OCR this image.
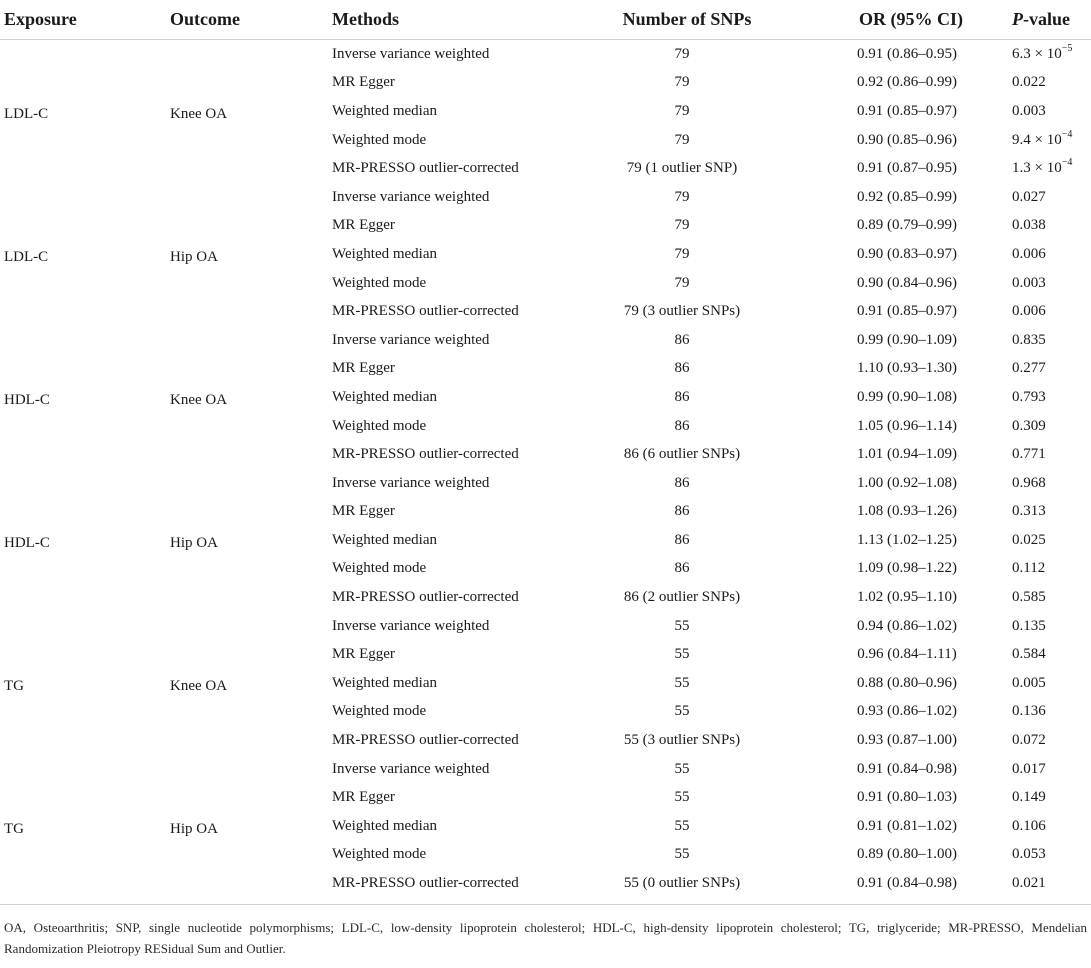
Exposure	Outcome	Methods	Number of SNPs	OR (95% CI)	P-value
LDL-C	Knee OA	Inverse variance weighted	79	0.91 (0.86–0.95)	$6.3 \times 10^{-5}$
		MR Egger	79	0.92 (0.86–0.99)	0.022
		Weighted median	79	0.91 (0.85–0.97)	0.003
		Weighted mode	79	0.90 (0.85–0.96)	$9.4 \times 10^{-4}$
		MR-PRESSO outlier-corrected	79 (1 outlier SNP)	0.91 (0.87–0.95)	$1.3 \times 10^{-4}$
LDL-C	Hip OA	Inverse variance weighted	79	0.92 (0.85–0.99)	0.027
		MR Egger	79	0.89 (0.79–0.99)	0.038
		Weighted median	79	0.90 (0.83–0.97)	0.006
		Weighted mode	79	0.90 (0.84–0.96)	0.003
		MR-PRESSO outlier-corrected	79 (3 outlier SNPs)	0.91 (0.85–0.97)	0.006
HDL-C	Knee OA	Inverse variance weighted	86	0.99 (0.90–1.09)	0.835
		MR Egger	86	1.10 (0.93–1.30)	0.277
		Weighted median	86	0.99 (0.90–1.08)	0.793
		Weighted mode	86	1.05 (0.96–1.14)	0.309
		MR-PRESSO outlier-corrected	86 (6 outlier SNPs)	1.01 (0.94–1.09)	0.771
HDL-C	Hip OA	Inverse variance weighted	86	1.00 (0.92–1.08)	0.968
		MR Egger	86	1.08 (0.93–1.26)	0.313
		Weighted median	86	1.13 (1.02–1.25)	0.025
		Weighted mode	86	1.09 (0.98–1.22)	0.112
		MR-PRESSO outlier-corrected	86 (2 outlier SNPs)	1.02 (0.95–1.10)	0.585
TG	Knee OA	Inverse variance weighted	55	0.94 (0.86–1.02)	0.135
		MR Egger	55	0.96 (0.84–1.11)	0.584
		Weighted median	55	0.88 (0.80–0.96)	0.005
		Weighted mode	55	0.93 (0.86–1.02)	0.136
		MR-PRESSO outlier-corrected	55 (3 outlier SNPs)	0.93 (0.87–1.00)	0.072
TG	Hip OA	Inverse variance weighted	55	0.91 (0.84–0.98)	0.017
		MR Egger	55	0.91 (0.80–1.03)	0.149
		Weighted median	55	0.91 (0.81–1.02)	0.106
		Weighted mode	55	0.89 (0.80–1.00)	0.053
		MR-PRESSO outlier-corrected	55 (0 outlier SNPs)	0.91 (0.84–0.98)	0.021
OA, Osteoarthritis; SNP, single nucleotide polymorphisms; LDL-C, low-density lipoprotein cholesterol; HDL-C, high-density lipoprotein cholesterol; TG, triglyceride; MR-PRESSO, Mendelian Randomization Pleiotropy RESidual Sum and Outlier.
